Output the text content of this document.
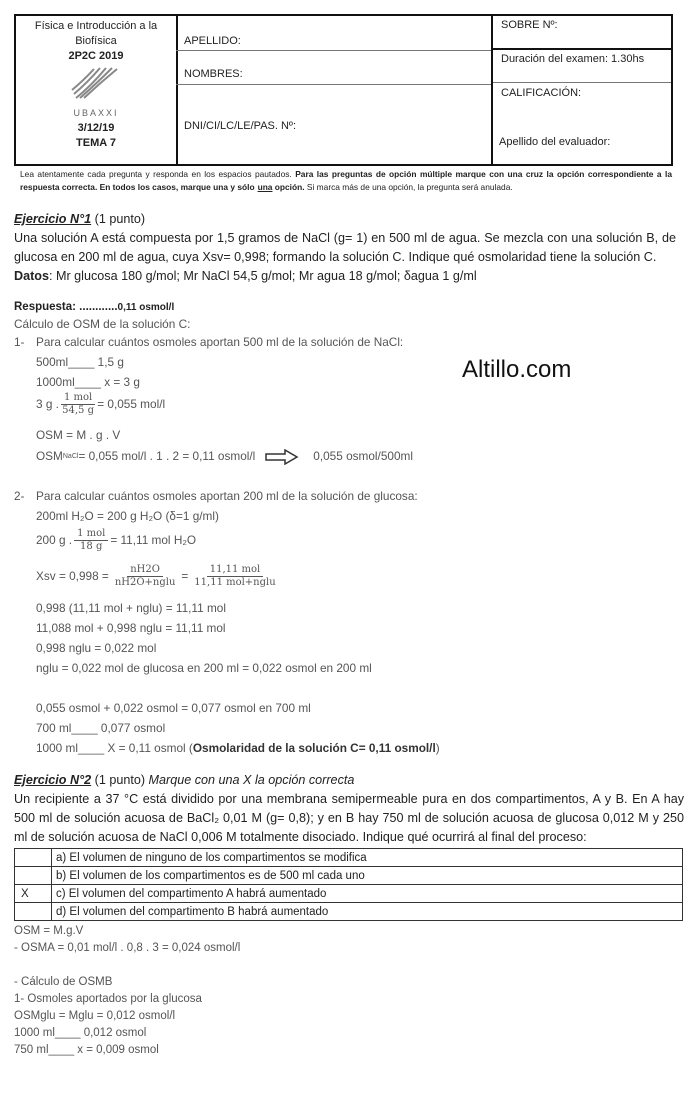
Física e Introducción a la
Biofísica
2P2C 2019
UBAXXI
3/12/19
TEMA 7
APELLIDO:
NOMBRES:
DNI/CI/LC/LE/PAS. Nº:
SOBRE Nº:
Duración del examen: 1.30hs
CALIFICACIÓN:
Apellido del evaluador:
Lea atentamente cada pregunta y responda en los espacios pautados. Para las preguntas de opción múltiple marque con una cruz la opción correspondiente a la respuesta correcta. En todos los casos, marque una y sólo una opción. Si marca más de una opción, la pregunta será anulada.
Altillo.com
Ejercicio N°1 (1 punto)
Una solución A está compuesta por 1,5 gramos de NaCl (g= 1) en 500 ml de agua. Se mezcla con una solución B, de glucosa en 200 ml de agua, cuya Xsv= 0,998; formando la solución C. Indique qué osmolaridad tiene la solución C.
Datos: Mr glucosa 180 g/mol; Mr NaCl 54,5 g/mol; Mr agua 18 g/mol; δagua 1 g/ml
Respuesta: ............0,11 osmol/l
Cálculo de OSM de la solución C:
1- Para calcular cuántos osmoles aportan 500 ml de la solución de NaCl:
500ml____ 1,5 g
1000ml____ x = 3 g
3 g . $\frac{\text{1 mol}}{54,5 g} = 0,055$ mol/l
OSM = M . g . V
OSM NaCl = 0,055 mol/l . 1 . 2 = 0,11 osmol/l	0,055 osmol/500ml
2- Para calcular cuántos osmoles aportan 200 ml de la solución de glucosa:
200ml H₂O = 200 g H₂O (δ=1 g/ml)
200 g . $\frac{\text{1 mol}}{18 g} = 11,11$ mol H₂O
Xsv = $0,998 = \frac{nH2O}{\text{nH2O+nglu}} = \frac{\text{11,11 mol}}{\text{11,11 mol+nglu}}$
0,998 (11,11 mol + nglu) = 11,11 mol
11,088 mol + 0,998 nglu = 11,11 mol
0,998 nglu = 0,022 mol
nglu = 0,022 mol de glucosa en 200 ml = 0,022 osmol en 200 ml
0,055 osmol + 0,022 osmol = 0,077 osmol en 700 ml
700 ml____ 0,077 osmol
1000 ml____ X = 0,11 osmol (Osmolaridad de la solución C= 0,11 osmol/l)
Ejercicio N°2 (1 punto) Marque con una X la opción correcta
Un recipiente a 37 °C está dividido por una membrana semipermeable pura en dos compartimentos, A y B. En A hay 500 ml de solución acuosa de BaCl₂ 0,01 M (g= 0,8); y en B hay 750 ml de solución acuosa de glucosa 0,012 M y 250 ml de solución acuosa de NaCl 0,006 M totalmente disociado. Indique qué ocurrirá al final del proceso:
	a) El volumen de ninguno de los compartimentos se modifica
	b) El volumen de los compartimentos es de 500 ml cada uno
X	c) El volumen del compartimento A habrá aumentado
	d) El volumen del compartimento B habrá aumentado
OSM = M.g.V
- OSMA = 0,01 mol/l . 0,8 . 3 = 0,024 osmol/l
- Cálculo de OSMB
1- Osmoles aportados por la glucosa
OSMglu = Mglu = 0,012 osmol/l
1000 ml____ 0,012 osmol
750 ml____ x = 0,009 osmol
